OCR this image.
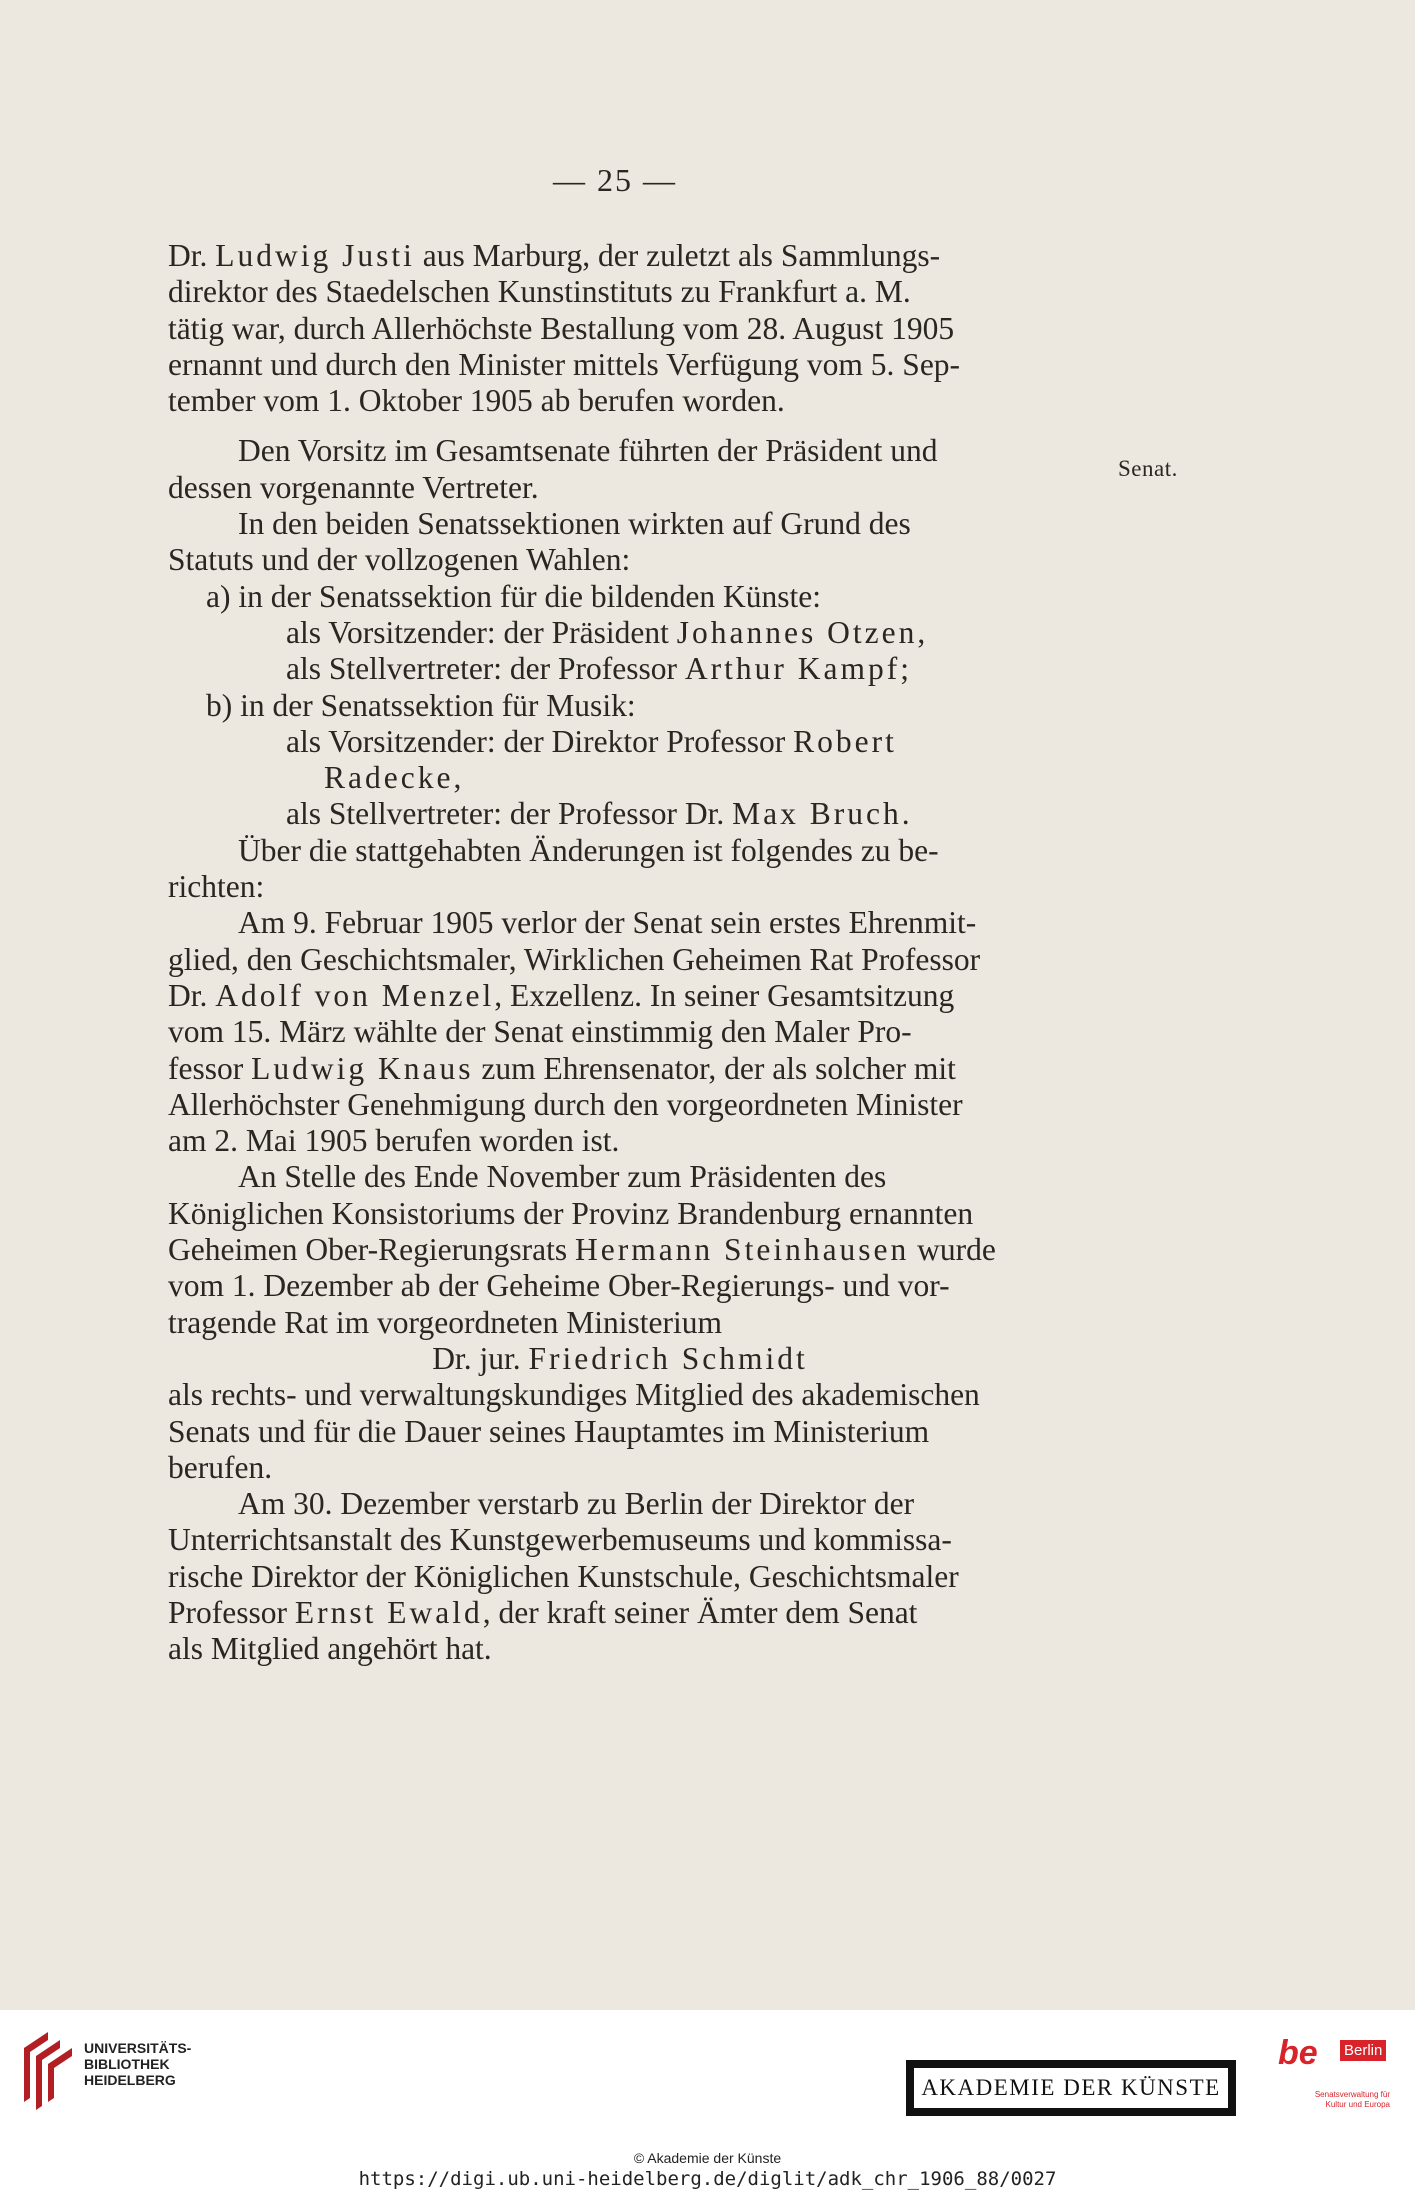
— 25 —
Senat.

Dr. Ludwig Justi aus Marburg, der zuletzt als Sammlungs-

direktor des Staedelschen Kunstinstituts zu Frankfurt a. M.

tätig war, durch Allerhöchste Bestallung vom 28. August 1905

ernannt und durch den Minister mittels Verfügung vom 5. Sep-

tember vom 1. Oktober 1905 ab berufen worden.

Den Vorsitz im Gesamtsenate führten der Präsident und

dessen vorgenannte Vertreter.

In den beiden Senatssektionen wirkten auf Grund des

Statuts und der vollzogenen Wahlen:

a) in der Senatssektion für die bildenden Künste:

als Vorsitzender: der Präsident Johannes Otzen,

als Stellvertreter: der Professor Arthur Kampf;

b) in der Senatssektion für Musik:

als Vorsitzender: der Direktor Professor Robert

Radecke,

als Stellvertreter: der Professor Dr. Max Bruch.

Über die stattgehabten Änderungen ist folgendes zu be-

richten:

Am 9. Februar 1905 verlor der Senat sein erstes Ehrenmit-

glied, den Geschichtsmaler, Wirklichen Geheimen Rat Professor

Dr. Adolf von Menzel, Exzellenz. In seiner Gesamtsitzung

vom 15. März wählte der Senat einstimmig den Maler Pro-

fessor Ludwig Knaus zum Ehrensenator, der als solcher mit

Allerhöchster Genehmigung durch den vorgeordneten Minister

am 2. Mai 1905 berufen worden ist.

An Stelle des Ende November zum Präsidenten des

Königlichen Konsistoriums der Provinz Brandenburg ernannten

Geheimen Ober-Regierungsrats Hermann Steinhausen wurde

vom 1. Dezember ab der Geheime Ober-Regierungs- und vor-

tragende Rat im vorgeordneten Ministerium

Dr. jur. Friedrich Schmidt

als rechts- und verwaltungskundiges Mitglied des akademischen

Senats und für die Dauer seines Hauptamtes im Ministerium

berufen.

Am 30. Dezember verstarb zu Berlin der Direktor der

Unterrichtsanstalt des Kunstgewerbemuseums und kommissa-

rische Direktor der Königlichen Kunstschule, Geschichtsmaler

Professor Ernst Ewald, der kraft seiner Ämter dem Senat

als Mitglied angehört hat.

UNIVERSITÄTS-
BIBLIOTHEK
HEIDELBERG	AKADEMIE DER KÜNSTE
be Berlin
Senatsverwaltung für Kultur und Europa
© Akademie der Künste
https://digi.ub.uni-heidelberg.de/diglit/adk_chr_1906_88/0027
